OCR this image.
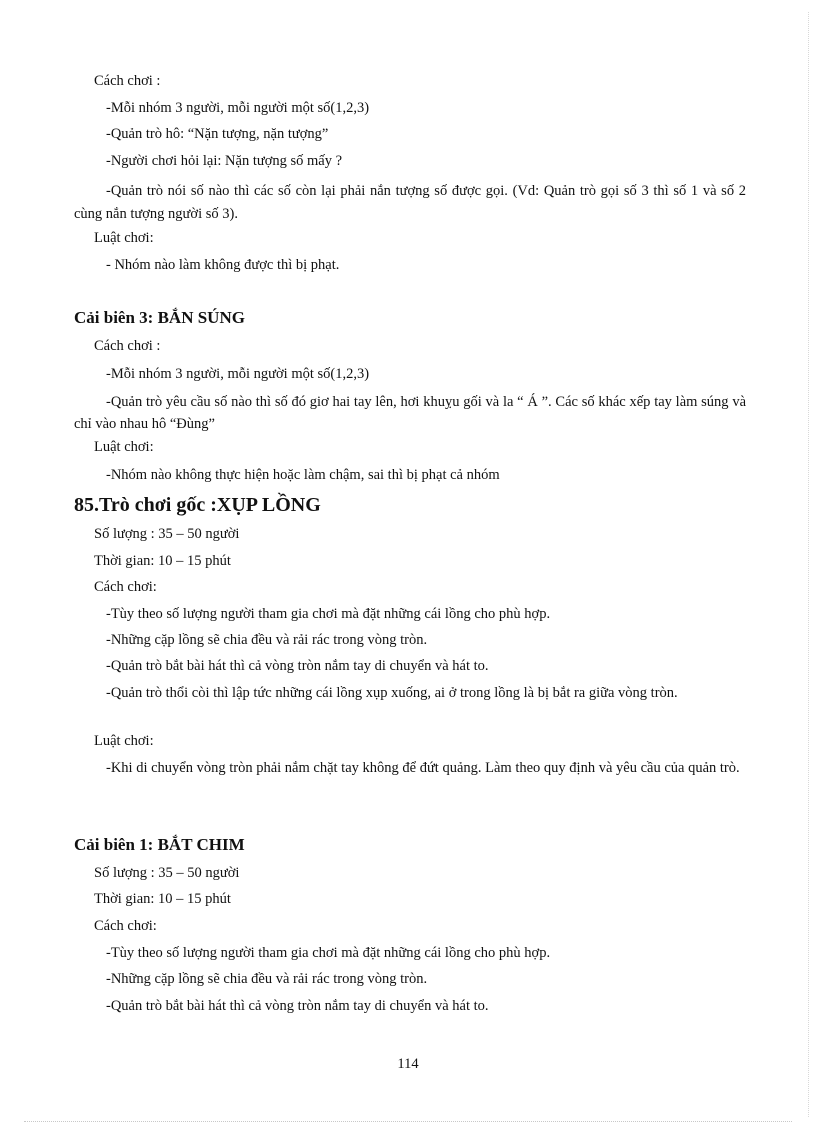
Cách chơi :
-Mỗi nhóm 3 người, mỗi người một số(1,2,3)
-Quản trò hô: “Nặn tượng, nặn tượng”
-Người chơi hỏi lại: Nặn tượng số mấy ?
-Quản trò nói số nào thì các số còn lại phải nắn tượng số được gọi. (Vd: Quản trò gọi số 3 thì số 1 và số 2 cùng nắn tượng người số 3).
Luật chơi:
- Nhóm nào làm không được thì bị phạt.
Cải biên 3: BẮN SÚNG
Cách chơi :
-Mỗi nhóm 3 người, mỗi người một số(1,2,3)
-Quản trò yêu cầu số nào thì số đó giơ hai tay lên, hơi khuỵu gối và la “ Á ”. Các số khác xếp tay làm súng và chỉ vào nhau hô “Đùng”
Luật chơi:
-Nhóm nào không thực hiện hoặc làm chậm, sai thì bị phạt cả nhóm
85.Trò chơi gốc :XỤP LỒNG
Số lượng : 35 – 50 người
Thời gian: 10 – 15 phút
Cách chơi:
-Tùy theo số lượng người tham gia chơi mà đặt những cái lồng cho phù hợp.
-Những cặp lồng sẽ chia đều và rải rác trong vòng tròn.
-Quản trò bắt bài hát thì cả vòng tròn nắm tay di chuyển và hát to.
-Quản trò thổi còi thì lập tức những cái lồng xụp xuống, ai ở trong lồng là bị bắt ra giữa vòng tròn.
Luật chơi:
-Khi di chuyển vòng tròn phải nắm chặt tay không để đứt quảng. Làm theo quy định và yêu cầu của quản trò.
Cải biên 1: BẮT CHIM
Số lượng : 35 – 50 người
Thời gian: 10 – 15 phút
Cách chơi:
-Tùy theo số lượng người tham gia chơi mà đặt những cái lồng cho phù hợp.
-Những cặp lồng sẽ chia đều và rải rác trong vòng tròn.
-Quản trò bắt bài hát thì cả vòng tròn nắm tay di chuyển và hát to.
114
